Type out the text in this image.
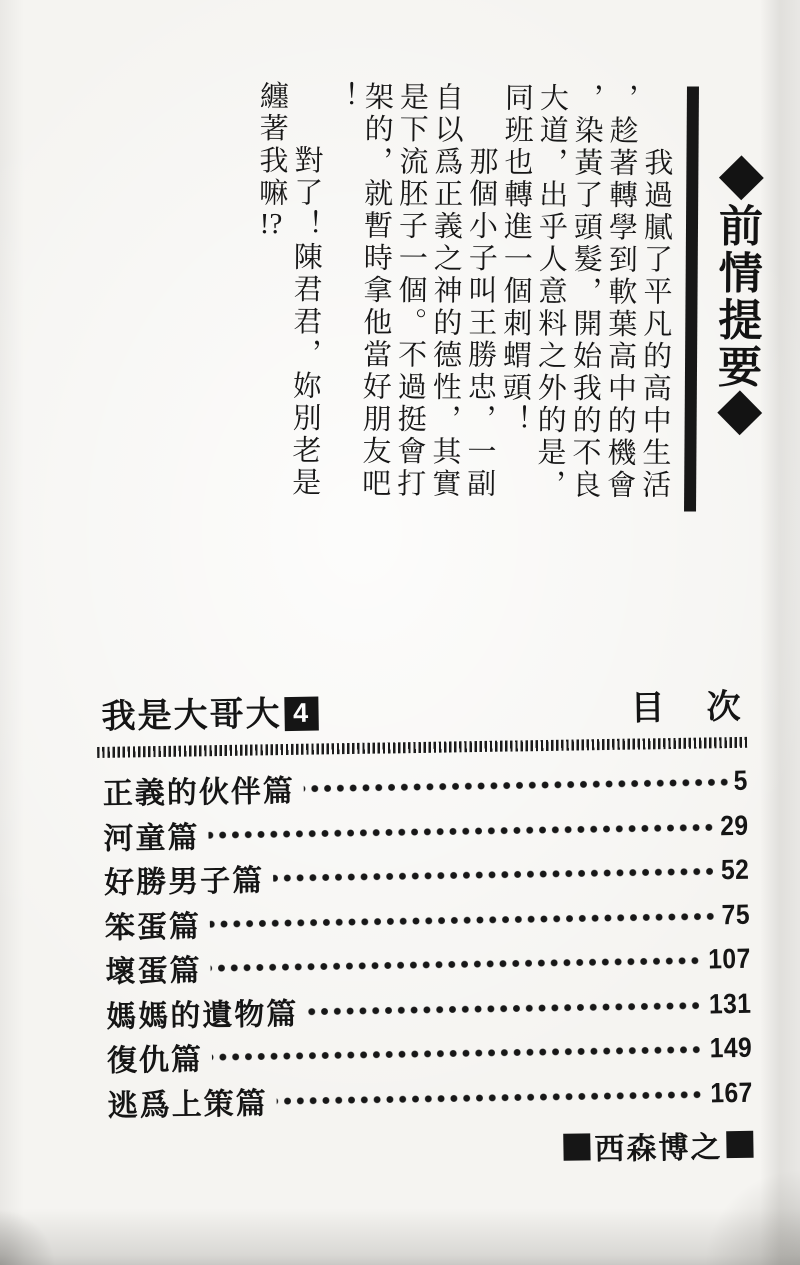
◆前情提要◆

我過膩了平凡的高中生活
，趁著轉學到軟葉高中的機會
，染黃了頭髮，開始我的不良
大道，出乎人意料之外的是，
同班也轉進一個刺蝟頭！

那個小子叫王勝忠，一副
自以爲正義之神的德性，其實
是下流胚子一個。不過挺會打
架的，就暫時拿他當好朋友吧
！

對了！陳君君，妳別老是
纏著我嘛!?

我是大哥大 4	目　次
正義的伙伴篇	5
河童篇	29
好勝男子篇	52
笨蛋篇	75
壞蛋篇	107
媽媽的遺物篇	131
復仇篇	149
逃爲上策篇	167
西森博之
